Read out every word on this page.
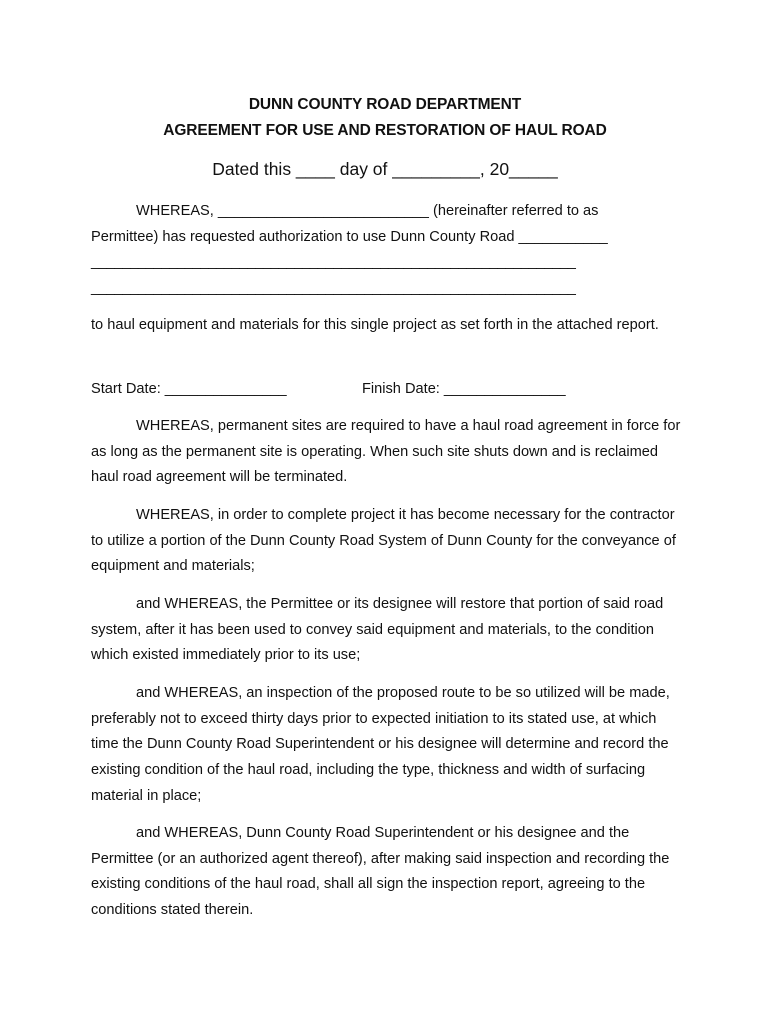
DUNN COUNTY ROAD DEPARTMENT
AGREEMENT FOR USE AND RESTORATION OF HAUL ROAD
Dated this ____ day of _________, 20_____
WHEREAS, __________________________ (hereinafter referred to as
Permittee) has requested authorization to use Dunn County Road ___________
______________________________________________________________
______________________________________________________________
to haul equipment and materials for this single project as set forth in the attached report.
Start Date: _______________	Finish Date: _______________
WHEREAS, permanent sites are required to have a haul road agreement in force for as long as the permanent site is operating. When such site shuts down and is reclaimed haul road agreement will be terminated.
WHEREAS, in order to complete project it has become necessary for the contractor to utilize a portion of the Dunn County Road System of Dunn County for the conveyance of equipment and materials;
and WHEREAS, the Permittee or its designee will restore that portion of said road system, after it has been used to convey said equipment and materials, to the condition which existed immediately prior to its use;
and WHEREAS, an inspection of the proposed route to be so utilized will be made, preferably not to exceed thirty days prior to expected initiation to its stated use, at which time the Dunn County Road Superintendent or his designee will determine and record the existing condition of the haul road, including the type, thickness and width of surfacing material in place;
and WHEREAS, Dunn County Road Superintendent or his designee and the Permittee (or an authorized agent thereof), after making said inspection and recording the existing conditions of the haul road, shall all sign the inspection report, agreeing to the conditions stated therein.
